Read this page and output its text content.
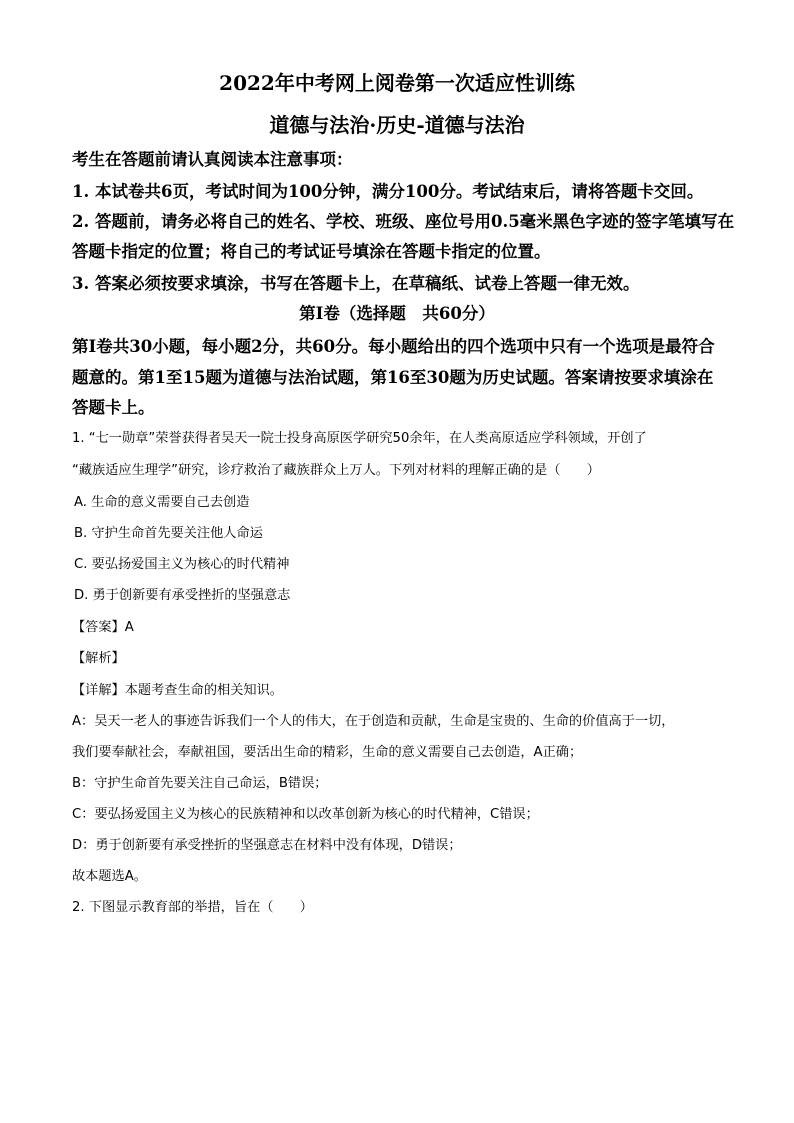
2022年中考网上阅卷第一次适应性训练
道德与法治·历史-道德与法治
考生在答题前请认真阅读本注意事项：
1. 本试卷共6页，考试时间为100分钟，满分100分。考试结束后，请将答题卡交回。
2. 答题前，请务必将自己的姓名、学校、班级、座位号用0.5毫米黑色字迹的签字笔填写在
答题卡指定的位置；将自己的考试证号填涂在答题卡指定的位置。
3. 答案必须按要求填涂，书写在答题卡上，在草稿纸、试卷上答题一律无效。
第Ⅰ卷（选择题　共60分）
第Ⅰ卷共30小题，每小题2分，共60分。每小题给出的四个选项中只有一个选项是最符合
题意的。第1至15题为道德与法治试题，第16至30题为历史试题。答案请按要求填涂在
答题卡上。
1. “七一勋章”荣誉获得者吴天一院士投身高原医学研究50余年，在人类高原适应学科领域，开创了
“藏族适应生理学”研究，诊疗救治了藏族群众上万人。下列对材料的理解正确的是（　　）
A. 生命的意义需要自己去创造
B. 守护生命首先要关注他人命运
C. 要弘扬爱国主义为核心的时代精神
D. 勇于创新要有承受挫折的坚强意志
【答案】A
【解析】
【详解】本题考查生命的相关知识。
A：吴天一老人的事迹告诉我们一个人的伟大，在于创造和贡献，生命是宝贵的、生命的价值高于一切，
我们要奉献社会，奉献祖国，要活出生命的精彩，生命的意义需要自己去创造，A正确；
B：守护生命首先要关注自己命运，B错误；
C：要弘扬爱国主义为核心的民族精神和以改革创新为核心的时代精神，C错误；
D：勇于创新要有承受挫折的坚强意志在材料中没有体现，D错误；
故本题选A。
2. 下图显示教育部的举措，旨在（　　）
